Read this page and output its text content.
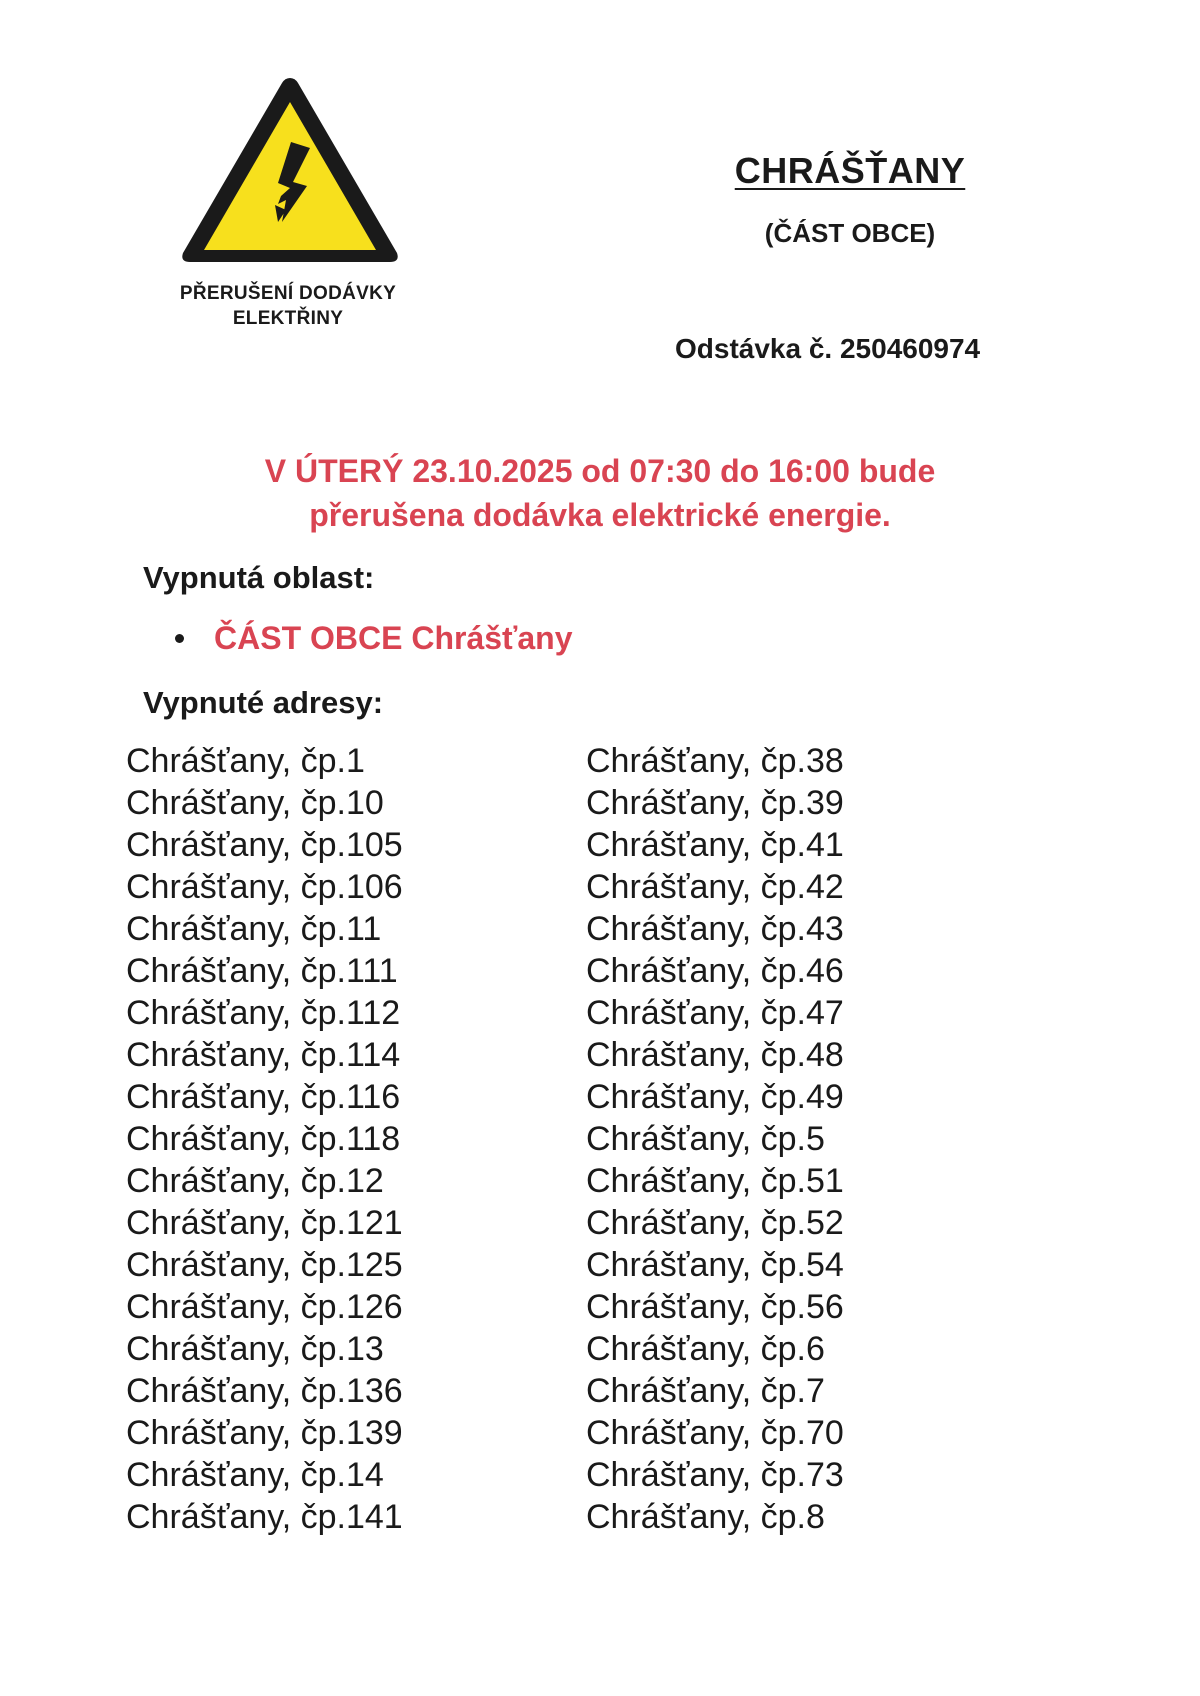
PŘERUŠENÍ DODÁVKY
ELEKTŘINY
CHRÁŠŤANY
(ČÁST OBCE)
Odstávka č. 250460974
V ÚTERÝ 23.10.2025 od 07:30 do 16:00 bude
přerušena dodávka elektrické energie.
Vypnutá oblast:
ČÁST OBCE Chrášťany
Vypnuté adresy:
Chrášťany, čp.1
Chrášťany, čp.10
Chrášťany, čp.105
Chrášťany, čp.106
Chrášťany, čp.11
Chrášťany, čp.111
Chrášťany, čp.112
Chrášťany, čp.114
Chrášťany, čp.116
Chrášťany, čp.118
Chrášťany, čp.12
Chrášťany, čp.121
Chrášťany, čp.125
Chrášťany, čp.126
Chrášťany, čp.13
Chrášťany, čp.136
Chrášťany, čp.139
Chrášťany, čp.14
Chrášťany, čp.141
Chrášťany, čp.38
Chrášťany, čp.39
Chrášťany, čp.41
Chrášťany, čp.42
Chrášťany, čp.43
Chrášťany, čp.46
Chrášťany, čp.47
Chrášťany, čp.48
Chrášťany, čp.49
Chrášťany, čp.5
Chrášťany, čp.51
Chrášťany, čp.52
Chrášťany, čp.54
Chrášťany, čp.56
Chrášťany, čp.6
Chrášťany, čp.7
Chrášťany, čp.70
Chrášťany, čp.73
Chrášťany, čp.8
